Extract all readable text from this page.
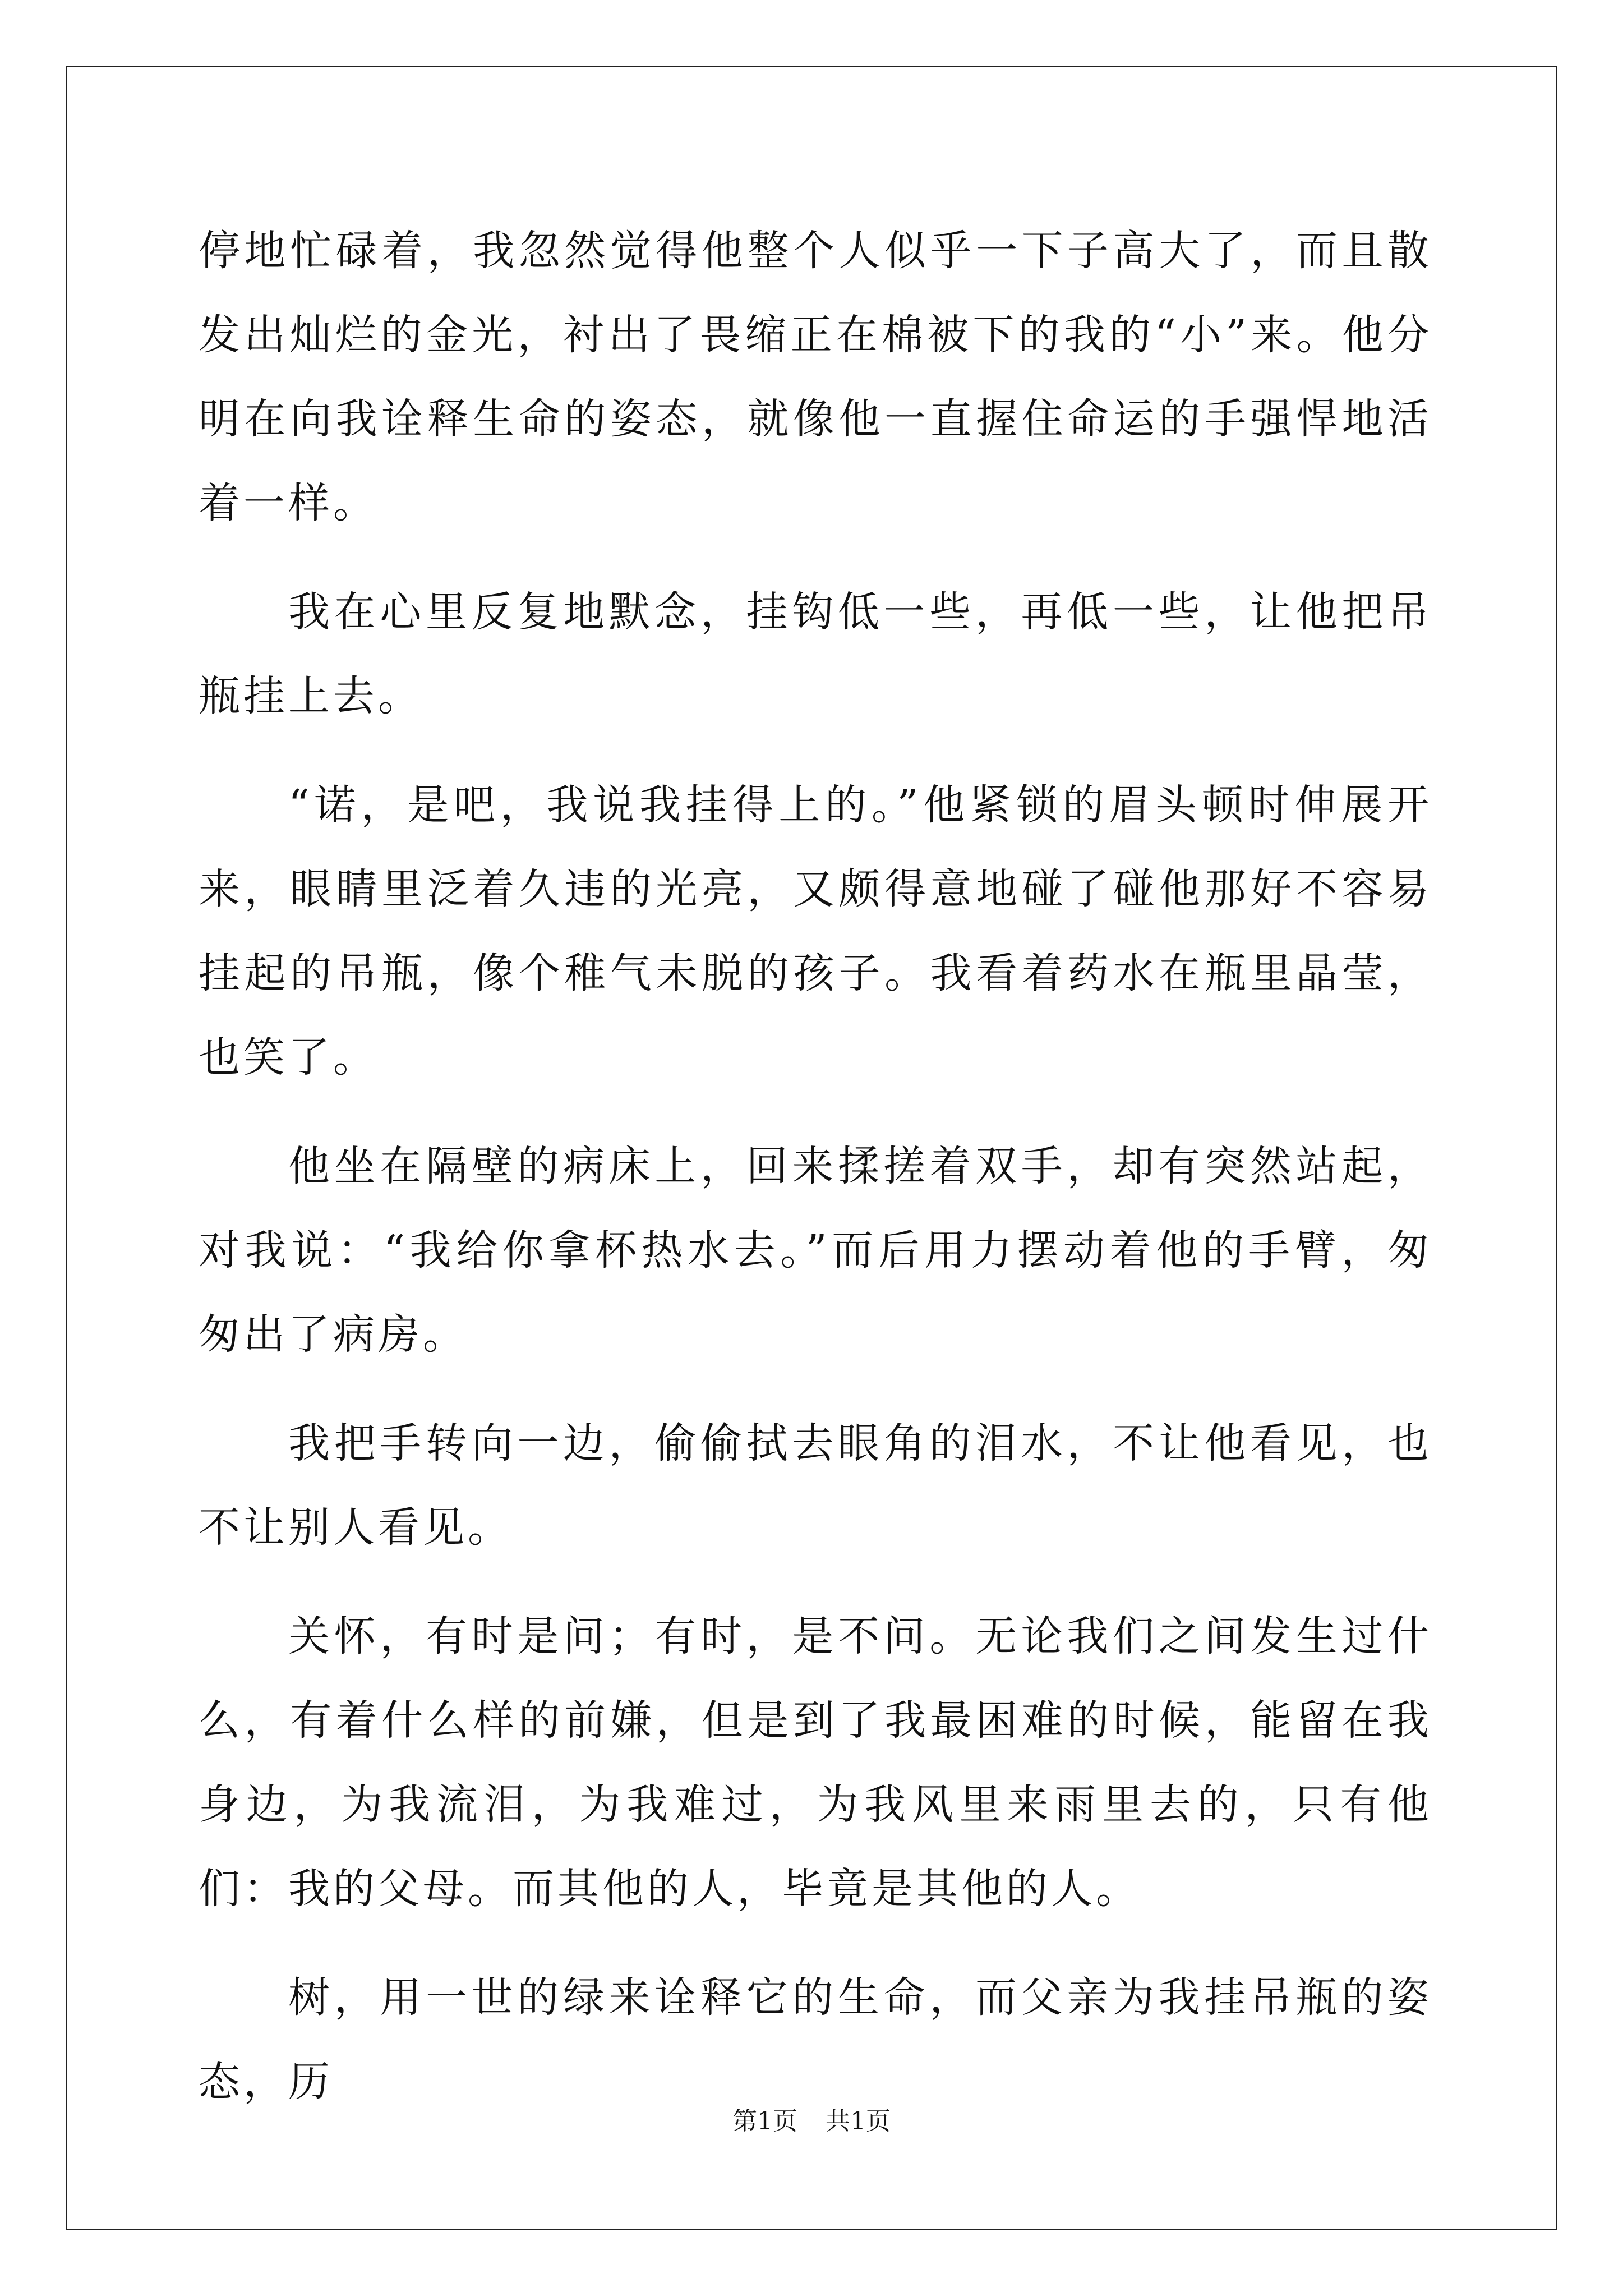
停地忙碌着，我忽然觉得他整个人似乎一下子高大了，而且散发出灿烂的金光，衬出了畏缩正在棉被下的我的“小”来。他分明在向我诠释生命的姿态，就像他一直握住命运的手强悍地活着一样。

我在心里反复地默念，挂钩低一些，再低一些，让他把吊瓶挂上去。

“诺，是吧，我说我挂得上的。”他紧锁的眉头顿时伸展开来，眼睛里泛着久违的光亮，又颇得意地碰了碰他那好不容易挂起的吊瓶，像个稚气未脱的孩子。我看着药水在瓶里晶莹，也笑了。

他坐在隔壁的病床上，回来揉搓着双手，却有突然站起，对我说：“我给你拿杯热水去。”而后用力摆动着他的手臂，匆匆出了病房。

我把手转向一边，偷偷拭去眼角的泪水，不让他看见，也不让别人看见。

关怀，有时是问；有时，是不问。无论我们之间发生过什么，有着什么样的前嫌，但是到了我最困难的时候，能留在我身边，为我流泪，为我难过，为我风里来雨里去的，只有他们：我的父母。而其他的人，毕竟是其他的人。

树，用一世的绿来诠释它的生命，而父亲为我挂吊瓶的姿态，历

第1页 共1页
